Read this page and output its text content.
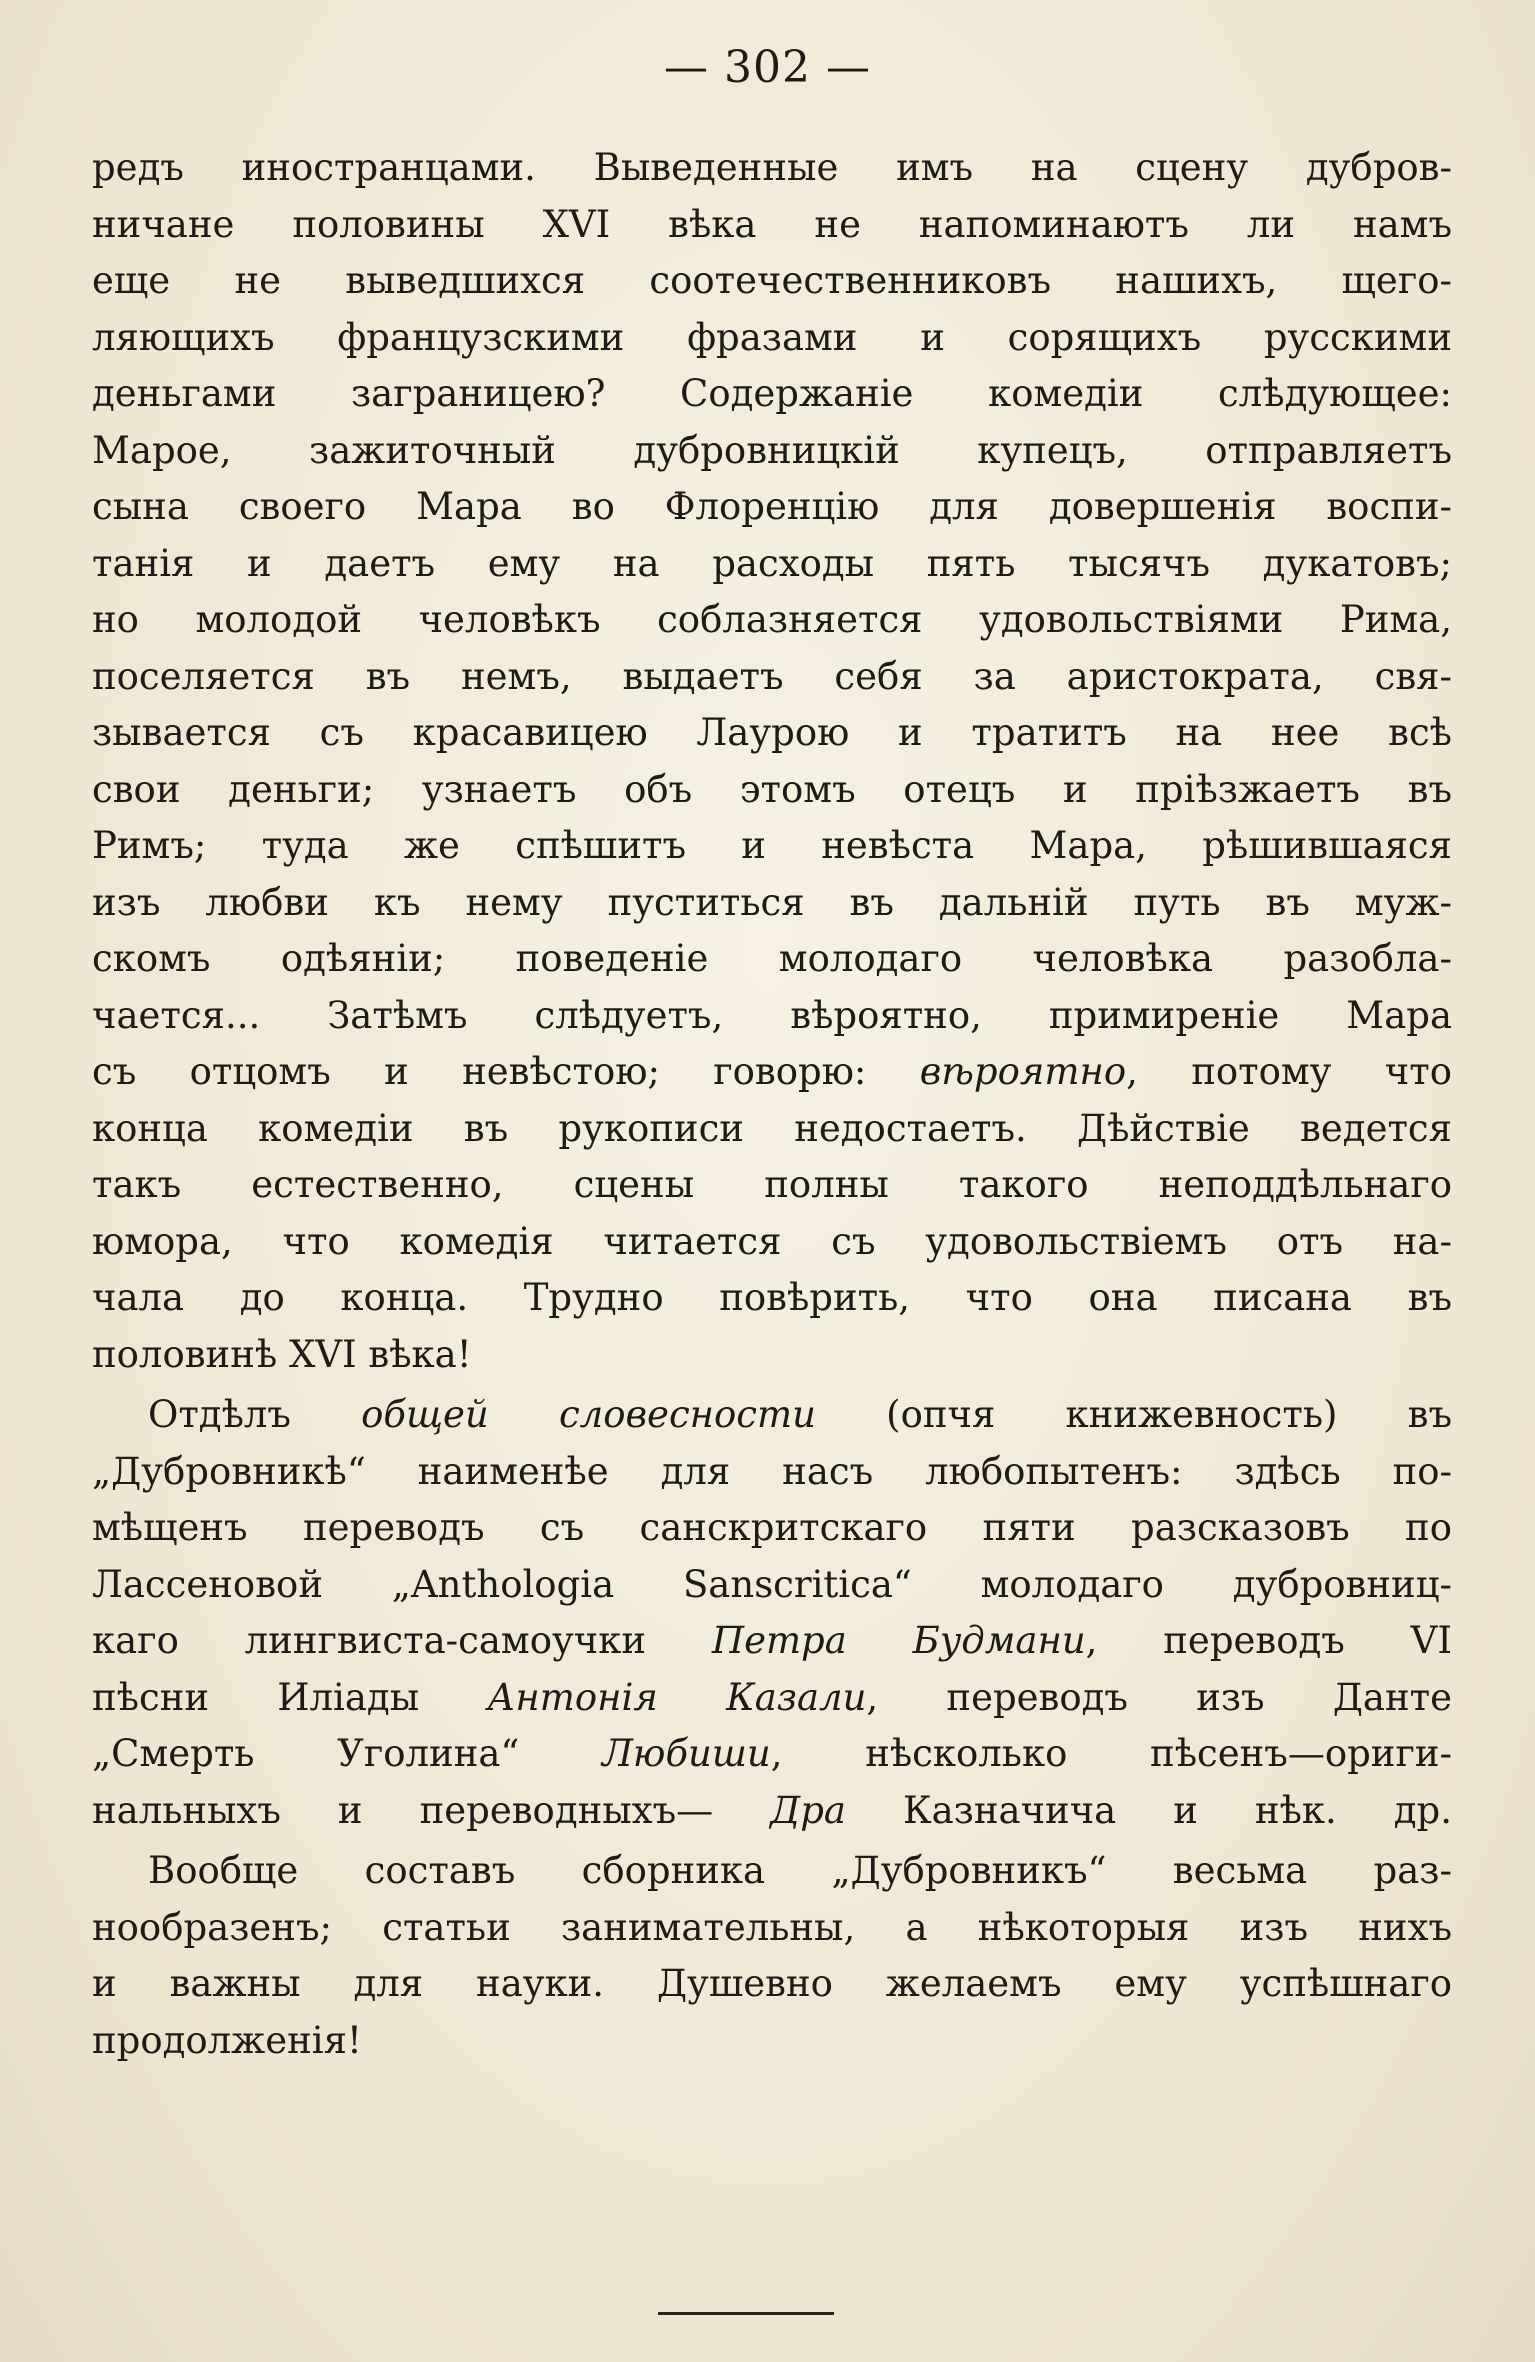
— 302 —
редъ иностранцами. Выведенные имъ на сцену дубров-
ничане половины XVI вѣка не напоминаютъ ли намъ
еще не выведшихся соотечественниковъ нашихъ, щего-
ляющихъ французскими фразами и сорящихъ русскими
деньгами заграницею? Содержаніе комедіи слѣдующее:
Марое, зажиточный дубровницкій купецъ, отправляетъ
сына своего Мара во Флоренцію для довершенія воспи-
танія и даетъ ему на расходы пять тысячъ дукатовъ;
но молодой человѣкъ соблазняется удовольствіями Рима,
поселяется въ немъ, выдаетъ себя за аристократа, свя-
зывается съ красавицею Лаурою и тратитъ на нее всѣ
свои деньги; узнаетъ объ этомъ отецъ и пріѣзжаетъ въ
Римъ; туда же спѣшитъ и невѣста Мара, рѣшившаяся
изъ любви къ нему пуститься въ дальній путь въ муж-
скомъ одѣяніи; поведеніе молодаго человѣка разобла-
чается... Затѣмъ слѣдуетъ, вѣроятно, примиреніе Мара
съ отцомъ и невѣстою; говорю: вѣроятно, потому что
конца комедіи въ рукописи недостаетъ. Дѣйствіе ведется
такъ естественно, сцены полны такого неподдѣльнаго
юмора, что комедія читается съ удовольствіемъ отъ на-
чала до конца. Трудно повѣрить, что она писана въ
половинѣ XVI вѣка!
Отдѣлъ общей словесности (опчя книжевность) въ
„Дубровникѣ“ наименѣе для насъ любопытенъ: здѣсь по-
мѣщенъ переводъ съ санскритскаго пяти разсказовъ по
Лассеновой „Anthologia Sanscritica“ молодаго дубровниц-
каго лингвиста-самоучки Петра Будмани, переводъ VI
пѣсни Иліады Антонія Казали, переводъ изъ Данте
„Смерть Уголина“ Любиши, нѣсколько пѣсенъ—ориги-
нальныхъ и переводныхъ— Дра Казначича и нѣк. др.
Вообще составъ сборника „Дубровникъ“ весьма раз-
нообразенъ; статьи занимательны, а нѣкоторыя изъ нихъ
и важны для науки. Душевно желаемъ ему успѣшнаго
продолженія!
